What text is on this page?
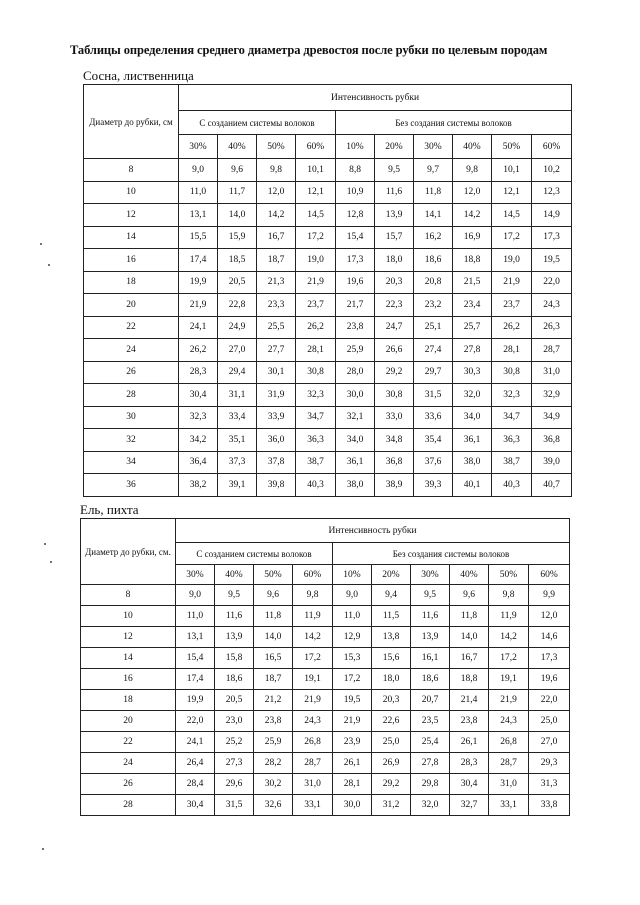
Таблицы определения среднего диаметра древостоя после рубки по целевым породам
Сосна, лиственница
Диаметр до рубки, см	Интенсивность рубки									
	С созданием системы волоков				Без создания системы волоков					
	30%	40%	50%	60%	10%	20%	30%	40%	50%	60%
8	9,0	9,6	9,8	10,1	8,8	9,5	9,7	9,8	10,1	10,2
10	11,0	11,7	12,0	12,1	10,9	11,6	11,8	12,0	12,1	12,3
12	13,1	14,0	14,2	14,5	12,8	13,9	14,1	14,2	14,5	14,9
14	15,5	15,9	16,7	17,2	15,4	15,7	16,2	16,9	17,2	17,3
16	17,4	18,5	18,7	19,0	17,3	18,0	18,6	18,8	19,0	19,5
18	19,9	20,5	21,3	21,9	19,6	20,3	20,8	21,5	21,9	22,0
20	21,9	22,8	23,3	23,7	21,7	22,3	23,2	23,4	23,7	24,3
22	24,1	24,9	25,5	26,2	23,8	24,7	25,1	25,7	26,2	26,3
24	26,2	27,0	27,7	28,1	25,9	26,6	27,4	27,8	28,1	28,7
26	28,3	29,4	30,1	30,8	28,0	29,2	29,7	30,3	30,8	31,0
28	30,4	31,1	31,9	32,3	30,0	30,8	31,5	32,0	32,3	32,9
30	32,3	33,4	33,9	34,7	32,1	33,0	33,6	34,0	34,7	34,9
32	34,2	35,1	36,0	36,3	34,0	34,8	35,4	36,1	36,3	36,8
34	36,4	37,3	37,8	38,7	36,1	36,8	37,6	38,0	38,7	39,0
36	38,2	39,1	39,8	40,3	38,0	38,9	39,3	40,1	40,3	40,7
Ель, пихта
Диаметр до рубки, см.	Интенсивность рубки									
	С созданием системы волоков				Без создания системы волоков					
	30%	40%	50%	60%	10%	20%	30%	40%	50%	60%
8	9,0	9,5	9,6	9,8	9,0	9,4	9,5	9,6	9,8	9,9
10	11,0	11,6	11,8	11,9	11,0	11,5	11,6	11,8	11,9	12,0
12	13,1	13,9	14,0	14,2	12,9	13,8	13,9	14,0	14,2	14,6
14	15,4	15,8	16,5	17,2	15,3	15,6	16,1	16,7	17,2	17,3
16	17,4	18,6	18,7	19,1	17,2	18,0	18,6	18,8	19,1	19,6
18	19,9	20,5	21,2	21,9	19,5	20,3	20,7	21,4	21,9	22,0
20	22,0	23,0	23,8	24,3	21,9	22,6	23,5	23,8	24,3	25,0
22	24,1	25,2	25,9	26,8	23,9	25,0	25,4	26,1	26,8	27,0
24	26,4	27,3	28,2	28,7	26,1	26,9	27,8	28,3	28,7	29,3
26	28,4	29,6	30,2	31,0	28,1	29,2	29,8	30,4	31,0	31,3
28	30,4	31,5	32,6	33,1	30,0	31,2	32,0	32,7	33,1	33,8
